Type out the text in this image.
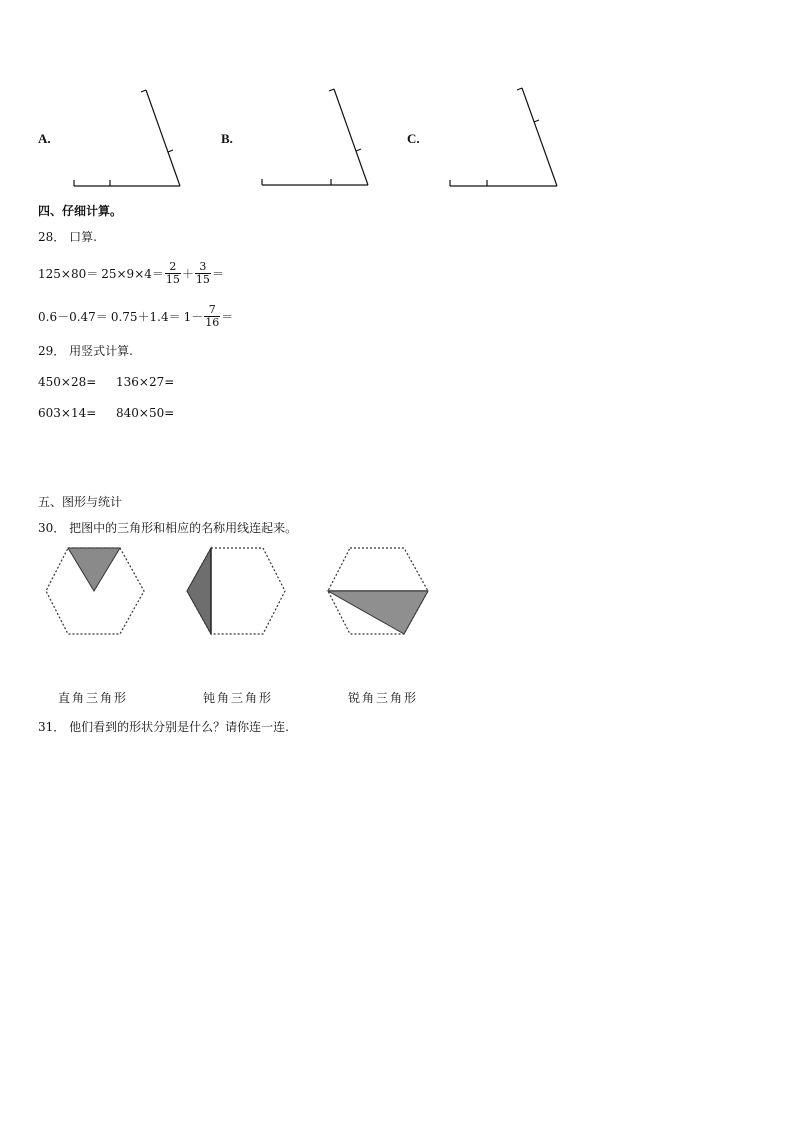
A.	B.	C.
四、仔细计算。
28． 口算.
$125\times 80= 25\times 9\times 4= \frac{2}{15} + \frac{3}{15}$ ＝
$0.6-0.47= 0.75+1.4= 1- \frac{7}{16}$ ＝
29． 用竖式计算.
450×28= 136×27=
603×14= 840×50=
五、图形与统计
30． 把图中的三角形和相应的名称用线连起来。
直角三角形	钝角三角形	锐角三角形
31． 他们看到的形状分别是什么？请你连一连.
